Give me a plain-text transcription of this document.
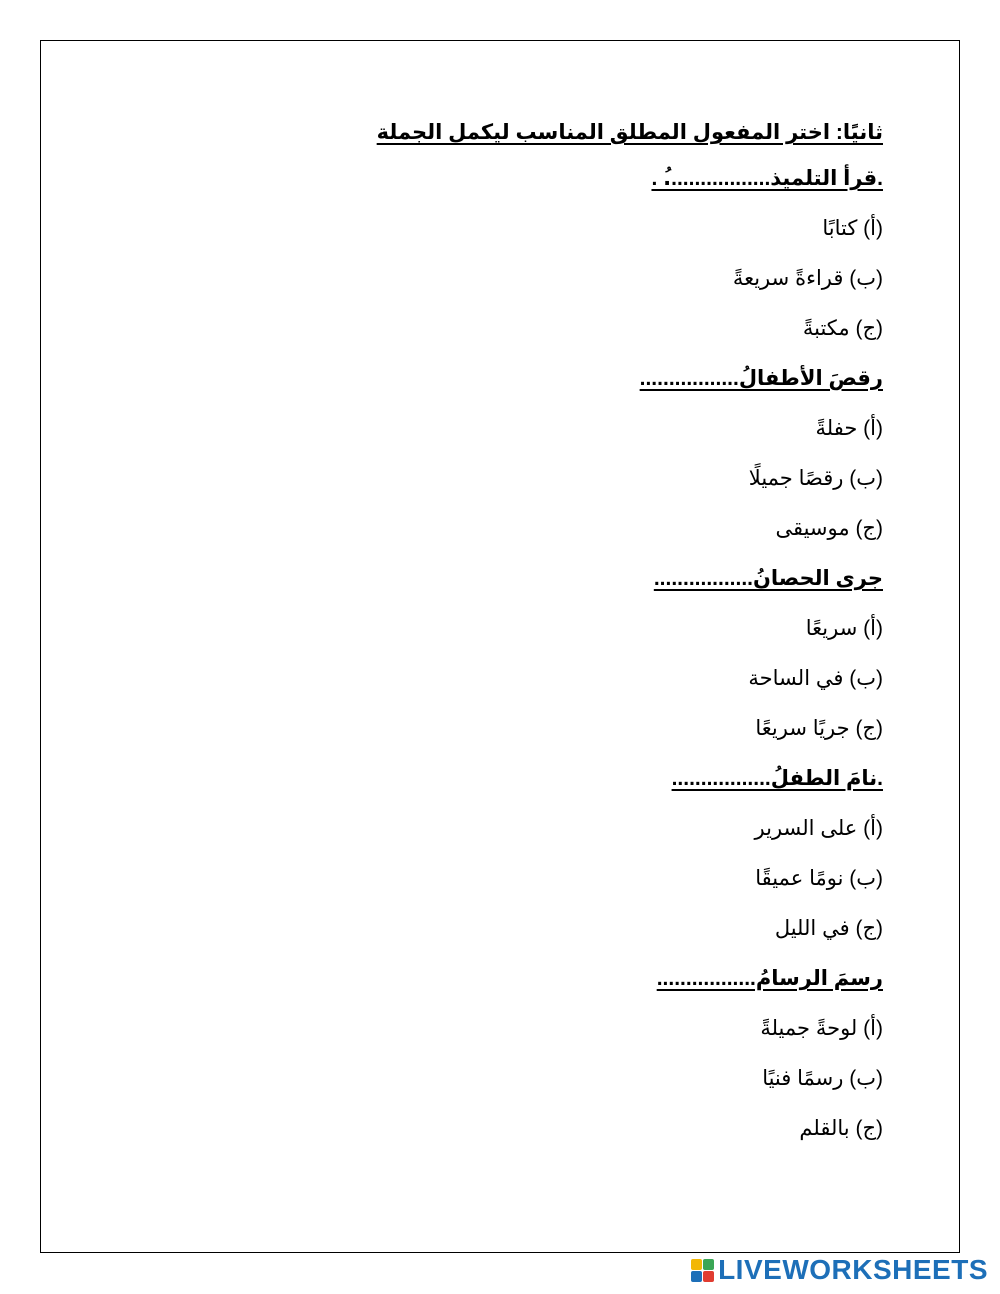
ثانيًا: اختر المفعول المطلق المناسب ليكمل الجملة

.قرأ التلميذ..................ُ .

(أ) كتابًا

(ب) قراءةً سريعةً

(ج) مكتبةً

رقصَ الأطفالُ.................

(أ) حفلةً

(ب) رقصًا جميلًا

(ج) موسيقى

جرى الحصانُ.................

(أ) سريعًا

(ب) في الساحة

(ج) جريًا سريعًا

.نامَ الطفلُ.................

(أ) على السرير

(ب) نومًا عميقًا

(ج) في الليل

رسمَ الرسامُ.................

(أ) لوحةً جميلةً

(ب) رسمًا فنيًا

(ج) بالقلم

LIVEWORKSHEETS
